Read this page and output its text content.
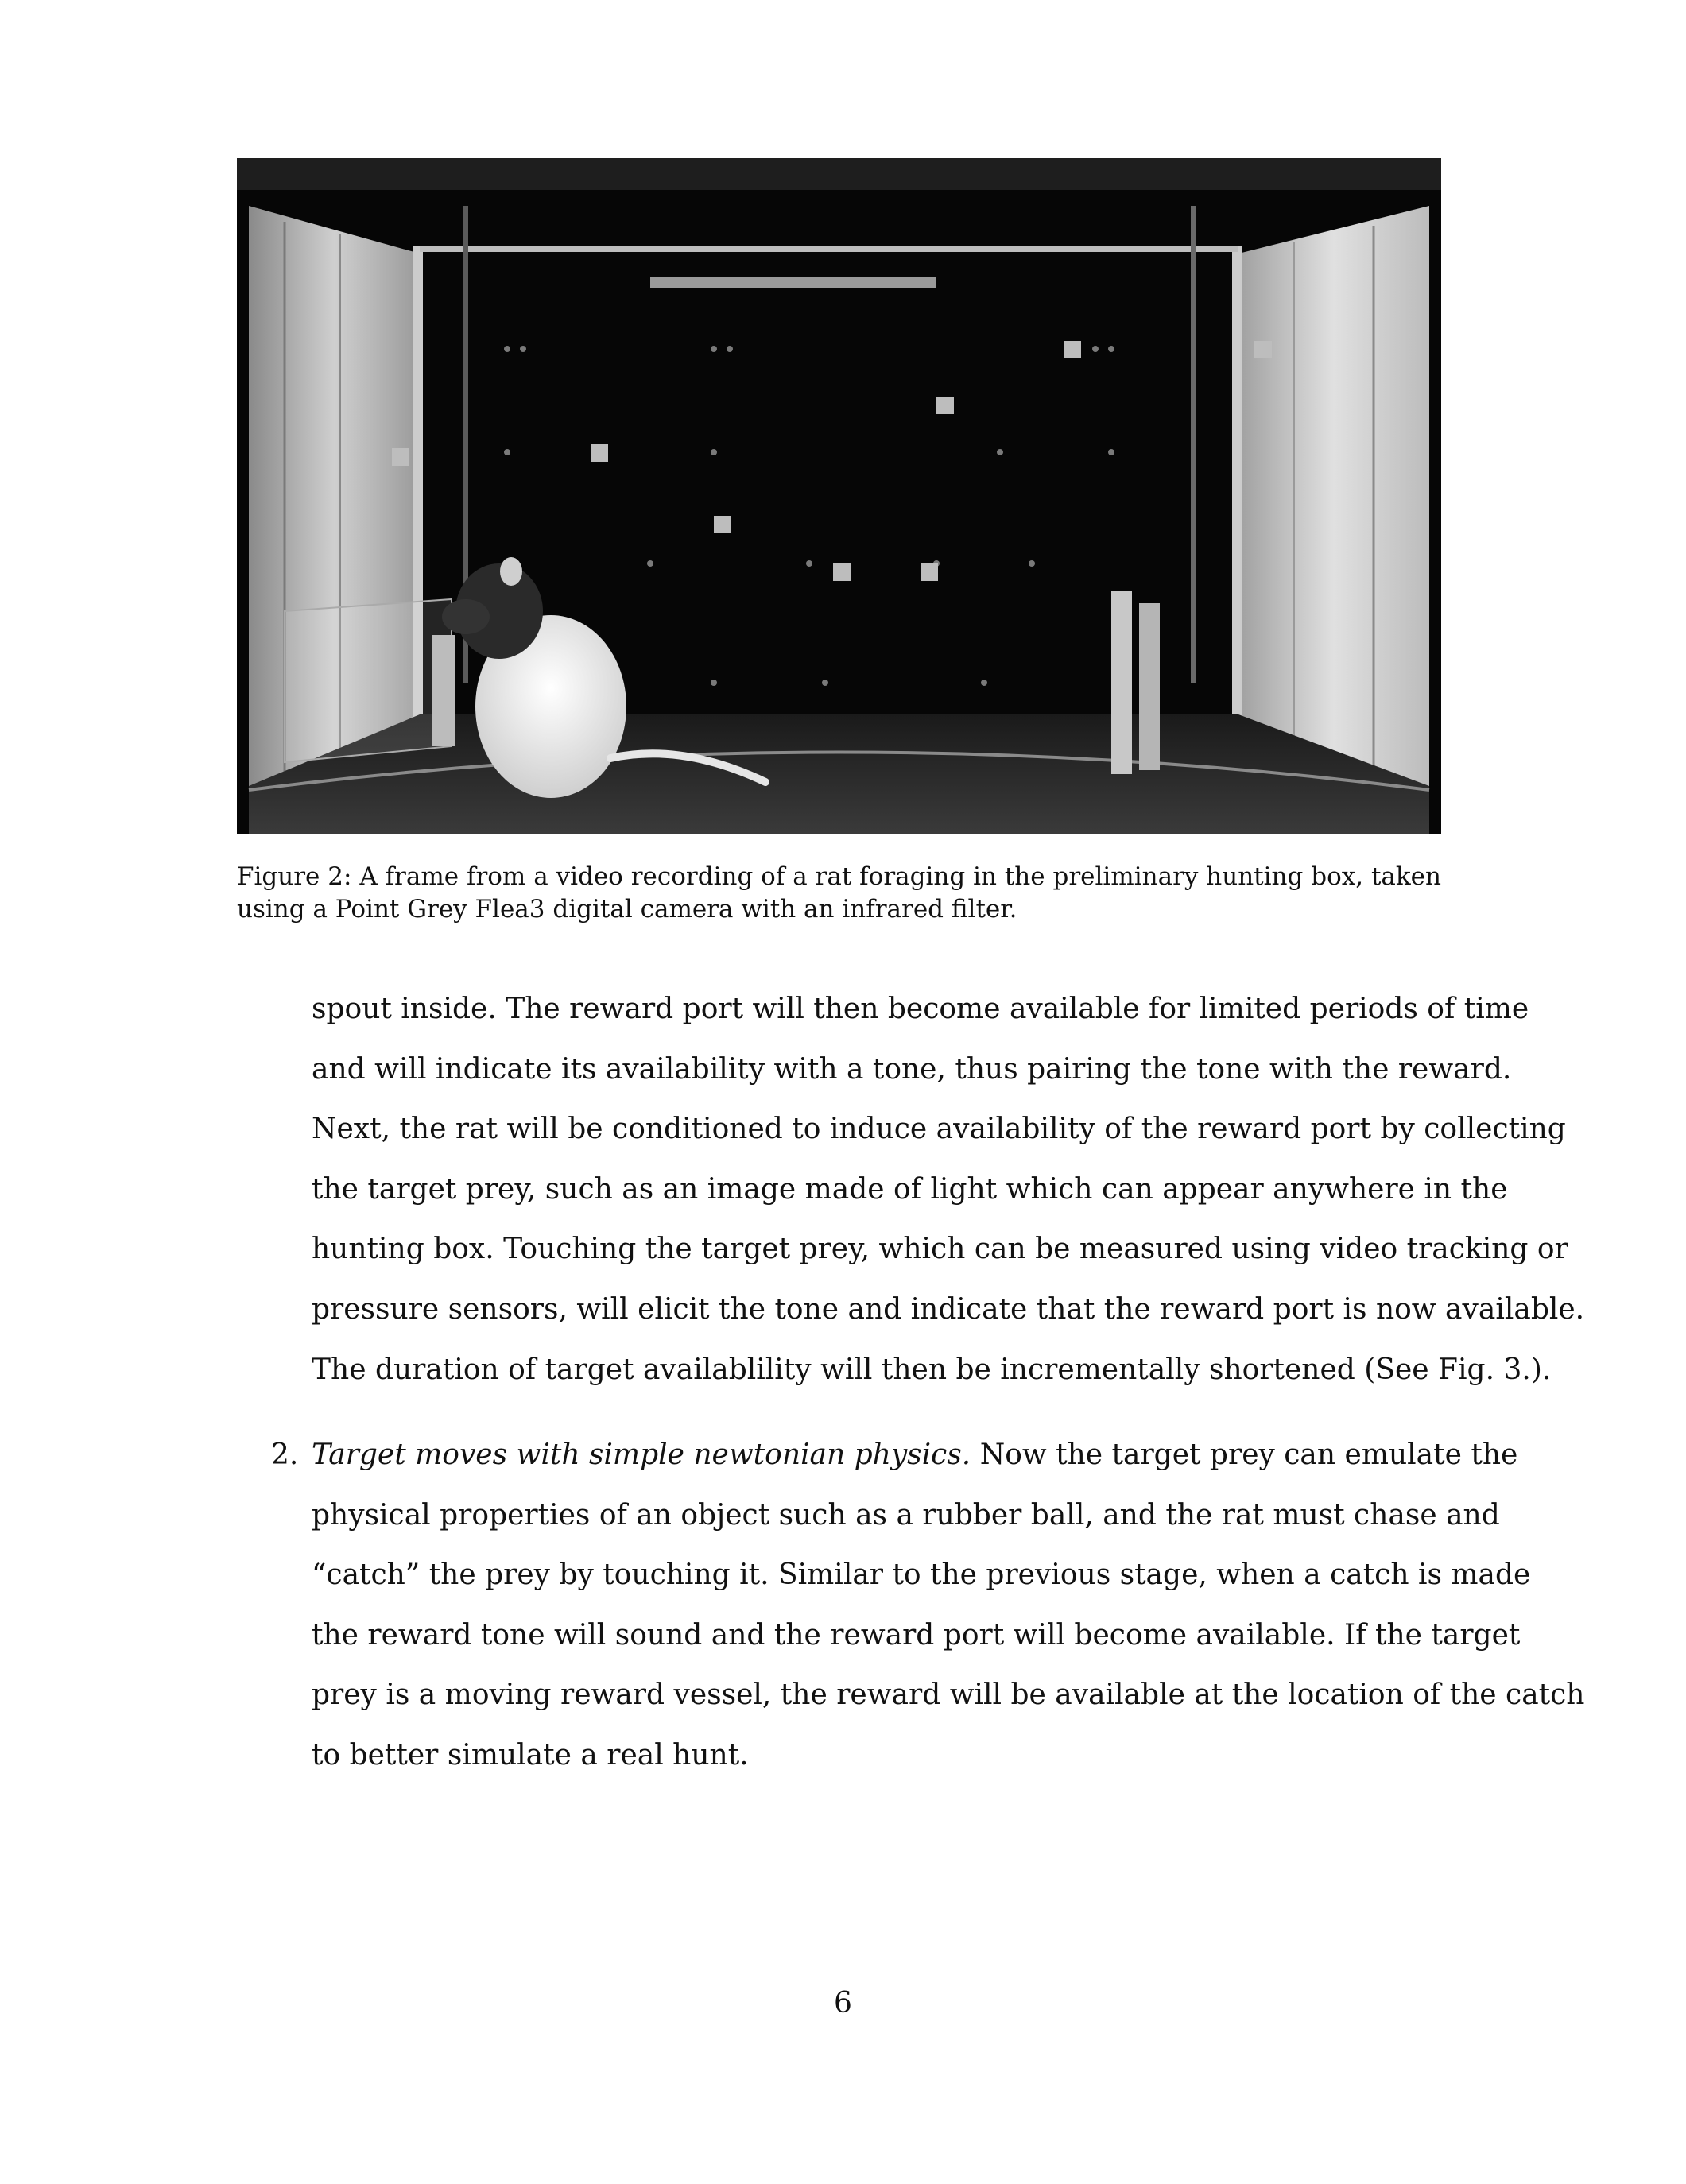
Figure 2: A frame from a video recording of a rat foraging in the preliminary hunting box, taken using a Point Grey Flea3 digital camera with an infrared filter.
spout inside. The reward port will then become available for limited periods of time
and will indicate its availability with a tone, thus pairing the tone with the reward.
Next, the rat will be conditioned to induce availability of the reward port by collecting
the target prey, such as an image made of light which can appear anywhere in the
hunting box. Touching the target prey, which can be measured using video tracking or
pressure sensors, will elicit the tone and indicate that the reward port is now available.
The duration of target availablility will then be incrementally shortened (See Fig. 3.).
2. Target moves with simple newtonian physics. Now the target prey can emulate the
physical properties of an object such as a rubber ball, and the rat must chase and
“catch” the prey by touching it. Similar to the previous stage, when a catch is made
the reward tone will sound and the reward port will become available. If the target
prey is a moving reward vessel, the reward will be available at the location of the catch
to better simulate a real hunt.
6
